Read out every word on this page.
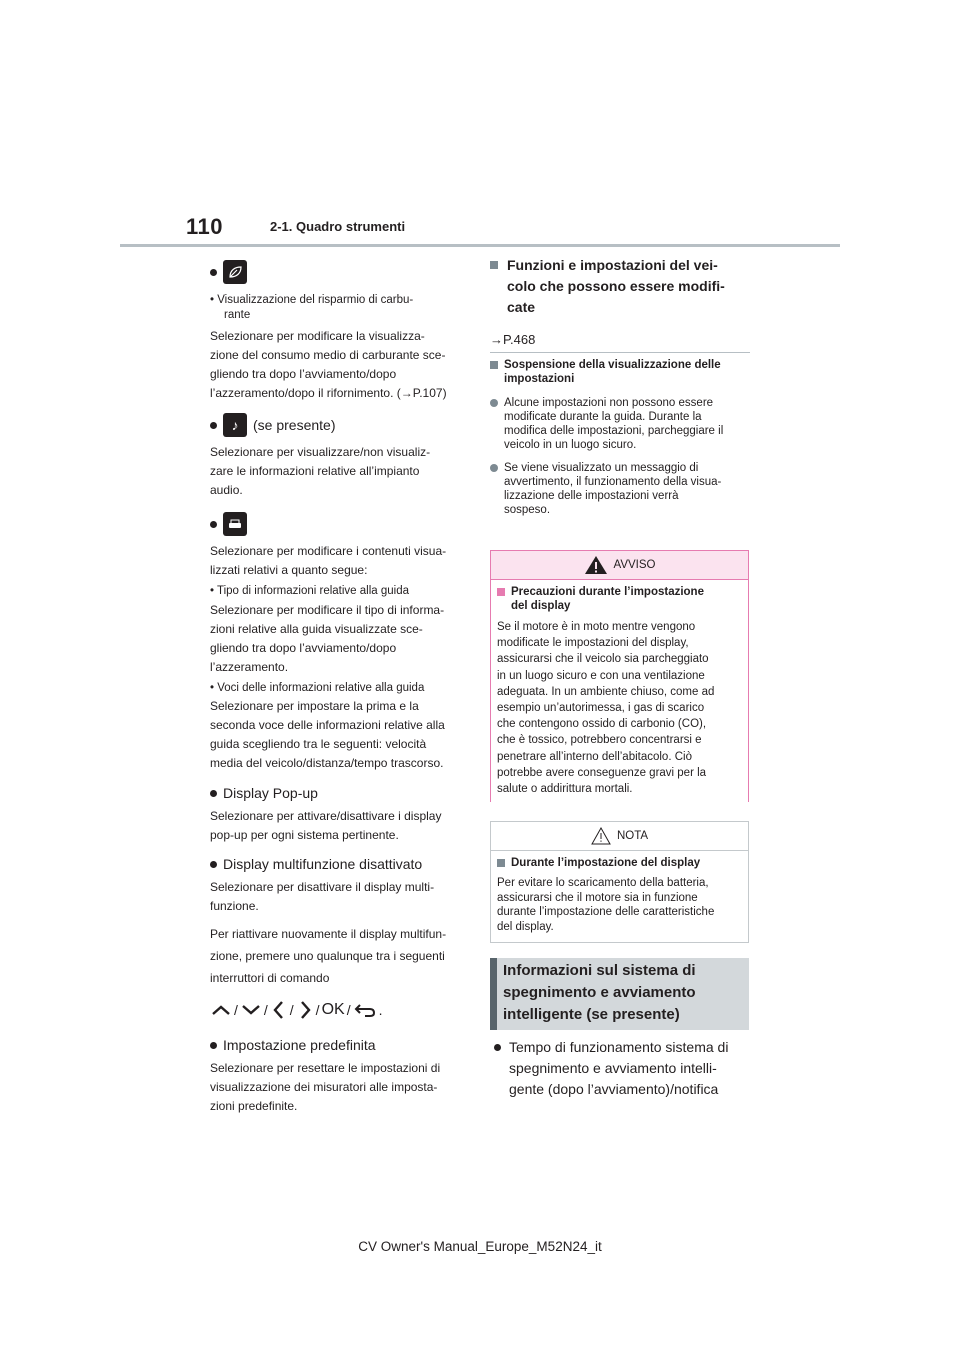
110	2-1. Quadro strumenti

• Visualizzazione del risparmio di carbu-
rante

Selezionare per modificare la visualizza-

zione del consumo medio di carburante sce-

gliendo tra dopo l’avviamento/dopo

l’azzeramento/dopo il rifornimento. (→P.107)

♪	(se presente)

Selezionare per visualizzare/non visualiz-

zare le informazioni relative all’impianto

audio.

Selezionare per modificare i contenuti visua-

lizzati relativi a quanto segue:

• Tipo di informazioni relative alla guida

Selezionare per modificare il tipo di informa-

zioni relative alla guida visualizzate sce-

gliendo tra dopo l’avviamento/dopo

l’azzeramento.

• Voci delle informazioni relative alla guida

Selezionare per impostare la prima e la

seconda voce delle informazioni relative alla

guida scegliendo tra le seguenti: velocità

media del veicolo/distanza/tempo trascorso.

Display Pop-up

Selezionare per attivare/disattivare i display

pop-up per ogni sistema pertinente.

Display multifunzione disattivato

Selezionare per disattivare il display multi-

funzione.

Per riattivare nuovamente il display multifun-

zione, premere uno qualunque tra i seguenti

interruttori di comando

/ / / / OK / .
Impostazione predefinita

Selezionare per resettare le impostazioni di

visualizzazione dei misuratori alle imposta-

zioni predefinite.

Funzioni e impostazioni del vei-
colo che possono essere modifi-
cate

→P.468

Sospensione della visualizzazione delle
impostazioni
Alcune impostazioni non possono essere
modificate durante la guida. Durante la
modifica delle impostazioni, parcheggiare il
veicolo in un luogo sicuro.
Se viene visualizzato un messaggio di
avvertimento, il funzionamento della visua-
lizzazione delle impostazioni verrà
sospeso.
AVVISO
Precauzioni durante l’impostazione
del display

Se il motore è in moto mentre vengono
modificate le impostazioni del display,
assicurarsi che il veicolo sia parcheggiato
in un luogo sicuro e con una ventilazione
adeguata. In un ambiente chiuso, come ad
esempio un’autorimessa, i gas di scarico
che contengono ossido di carbonio (CO),
che è tossico, potrebbero concentrarsi e
penetrare all’interno dell’abitacolo. Ciò
potrebbe avere conseguenze gravi per la
salute o addirittura mortali.

NOTA
Durante l’impostazione del display

Per evitare lo scaricamento della batteria,
assicurarsi che il motore sia in funzione
durante l’impostazione delle caratteristiche
del display.

Informazioni sul sistema di

spegnimento e avviamento

intelligente (se presente)

Tempo di funzionamento sistema di

spegnimento e avviamento intelli-

gente (dopo l’avviamento)/notifica

CV Owner's Manual_Europe_M52N24_it
